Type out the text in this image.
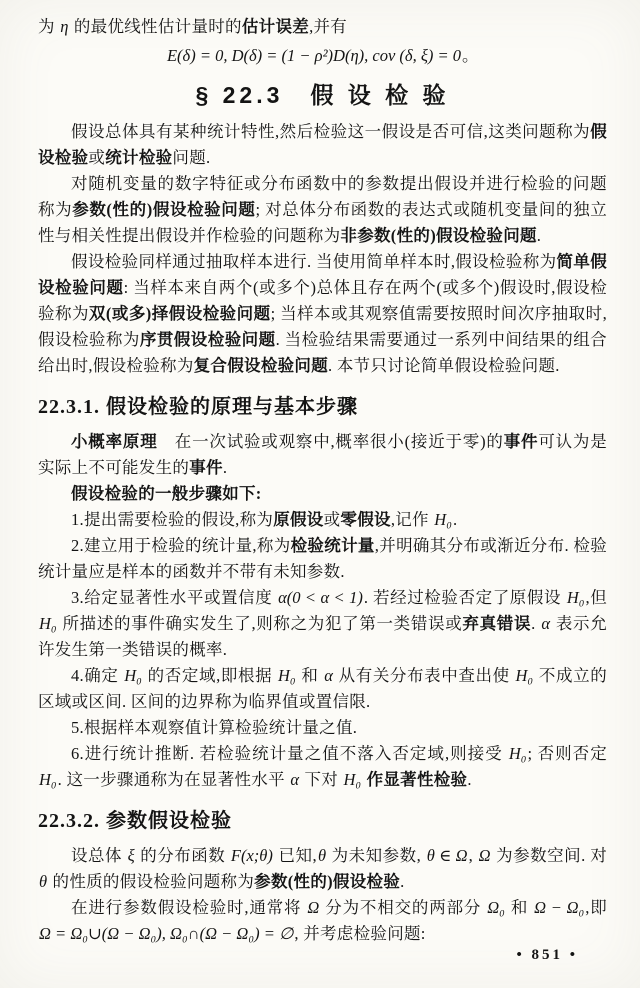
为 η 的最优线性估计量时的估计误差,并有
E(δ) = 0, D(δ) = (1 − ρ²)D(η), cov (δ, ξ) = 0。
§ 22.3　假 设 检 验
假设总体具有某种统计特性,然后检验这一假设是否可信,这类问题称为假设检验或统计检验问题.
对随机变量的数字特征或分布函数中的参数提出假设并进行检验的问题称为参数(性的)假设检验问题; 对总体分布函数的表达式或随机变量间的独立性与相关性提出假设并作检验的问题称为非参数(性的)假设检验问题.
假设检验同样通过抽取样本进行. 当使用简单样本时,假设检验称为简单假设检验问题: 当样本来自两个(或多个)总体且存在两个(或多个)假设时,假设检验称为双(或多)择假设检验问题; 当样本或其观察值需要按照时间次序抽取时,假设检验称为序贯假设检验问题. 当检验结果需要通过一系列中间结果的组合给出时,假设检验称为复合假设检验问题. 本节只讨论简单假设检验问题.
22.3.1. 假设检验的原理与基本步骤
小概率原理　在一次试验或观察中,概率很小(接近于零)的事件可认为是实际上不可能发生的事件.
假设检验的一般步骤如下:
1.提出需要检验的假设,称为原假设或零假设,记作 H₀.
2.建立用于检验的统计量,称为检验统计量,并明确其分布或渐近分布. 检验统计量应是样本的函数并不带有未知参数.
3.给定显著性水平或置信度 α(0 < α < 1). 若经过检验否定了原假设 H₀,但 H₀ 所描述的事件确实发生了,则称之为犯了第一类错误或弃真错误. α 表示允许发生第一类错误的概率.
4.确定 H₀ 的否定域,即根据 H₀ 和 α 从有关分布表中查出使 H₀ 不成立的区域或区间. 区间的边界称为临界值或置信限.
5.根据样本观察值计算检验统计量之值.
6.进行统计推断. 若检验统计量之值不落入否定域,则接受 H₀; 否则否定 H₀. 这一步骤通称为在显著性水平 α 下对 H₀ 作显著性检验.
22.3.2. 参数假设检验
设总体 ξ 的分布函数 F(x;θ) 已知,θ 为未知参数, θ ∈ Ω, Ω 为参数空间. 对 θ 的性质的假设检验问题称为参数(性的)假设检验.
在进行参数假设检验时,通常将 Ω 分为不相交的两部分 Ω₀ 和 Ω − Ω₀,即 Ω = Ω₀∪(Ω − Ω₀), Ω₀∩(Ω − Ω₀) = ∅, 并考虑检验问题:
• 851 •
